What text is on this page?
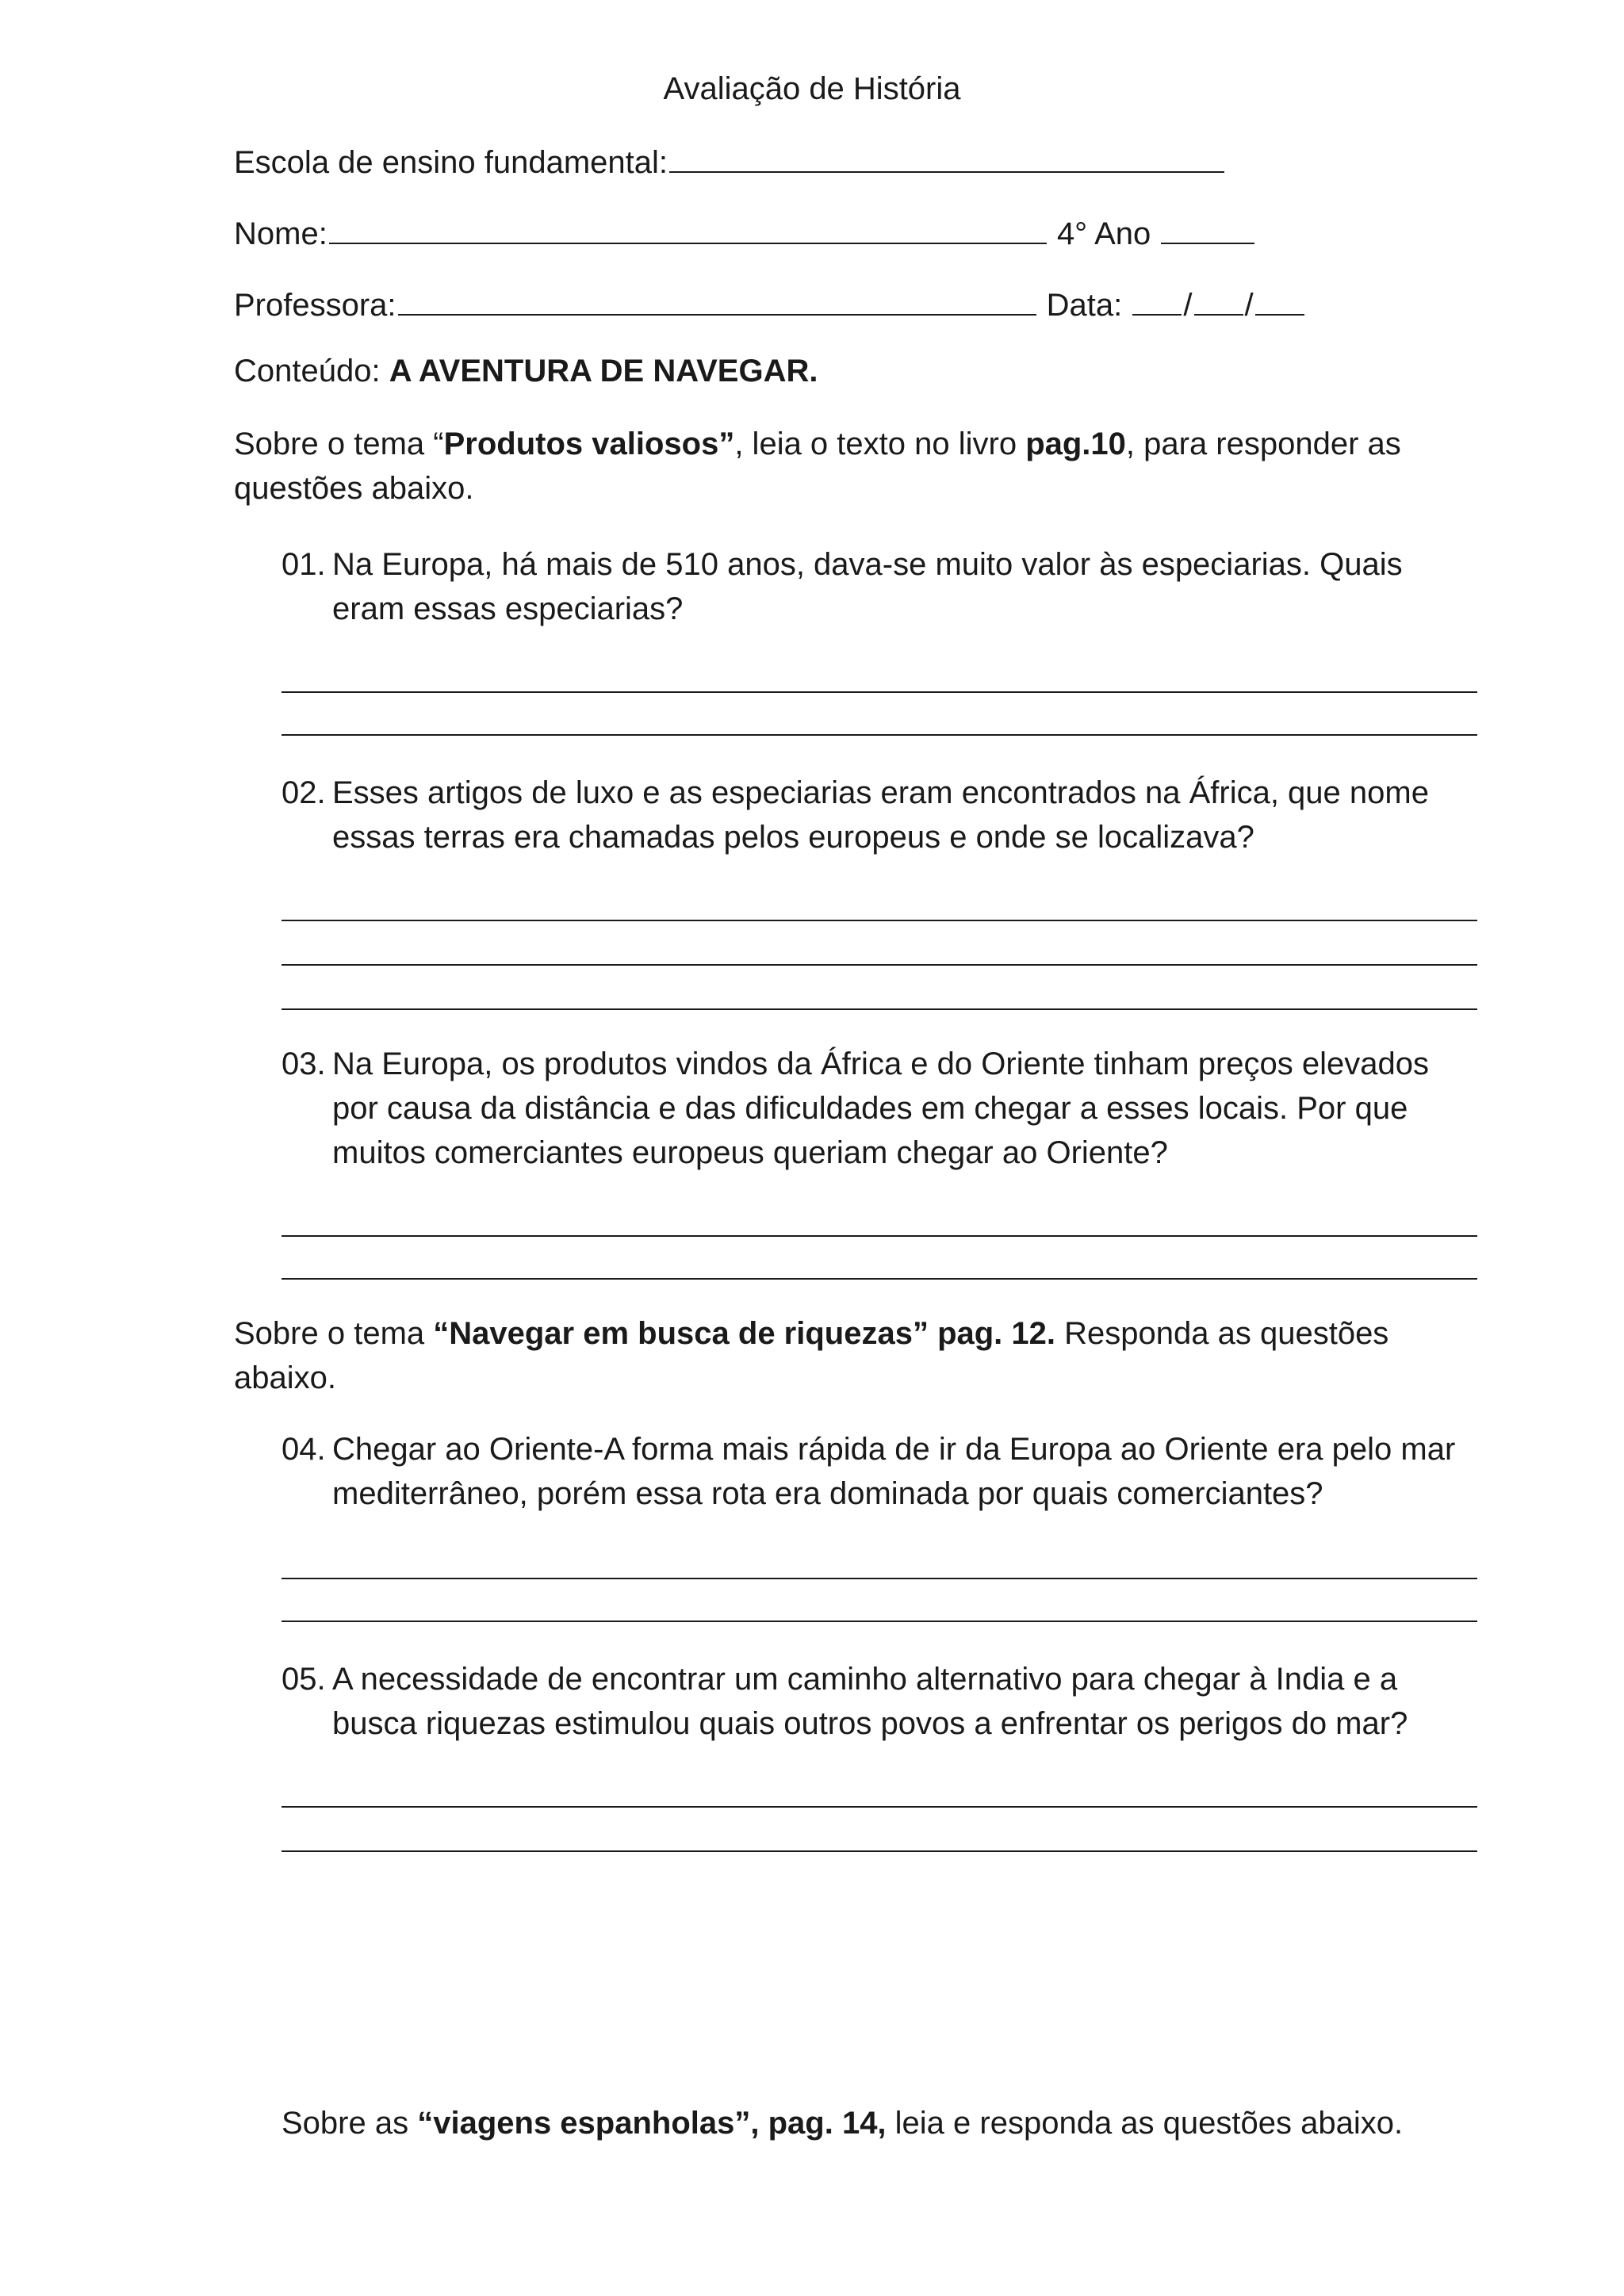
Avaliação de História
Escola de ensino fundamental:
Nome:	4° Ano
Professora:	Data: / /
Conteúdo: A AVENTURA DE NAVEGAR.
Sobre o tema “Produtos valiosos”, leia o texto no livro pag.10, para responder as questões abaixo.
01. Na Europa, há mais de 510 anos, dava-se muito valor às especiarias. Quais eram essas especiarias?
02. Esses artigos de luxo e as especiarias eram encontrados na África, que nome essas terras era chamadas pelos europeus e onde se localizava?
03. Na Europa, os produtos vindos da África e do Oriente tinham preços elevados por causa da distância e das dificuldades em chegar a esses locais. Por que muitos comerciantes europeus queriam chegar ao Oriente?
Sobre o tema “Navegar em busca de riquezas” pag. 12. Responda as questões abaixo.
04. Chegar ao Oriente-A forma mais rápida de ir da Europa ao Oriente era pelo mar mediterrâneo, porém essa rota era dominada por quais comerciantes?
05. A necessidade de encontrar um caminho alternativo para chegar à India e a busca riquezas estimulou quais outros povos a enfrentar os perigos do mar?
Sobre as “viagens espanholas”, pag. 14, leia e responda as questões abaixo.
